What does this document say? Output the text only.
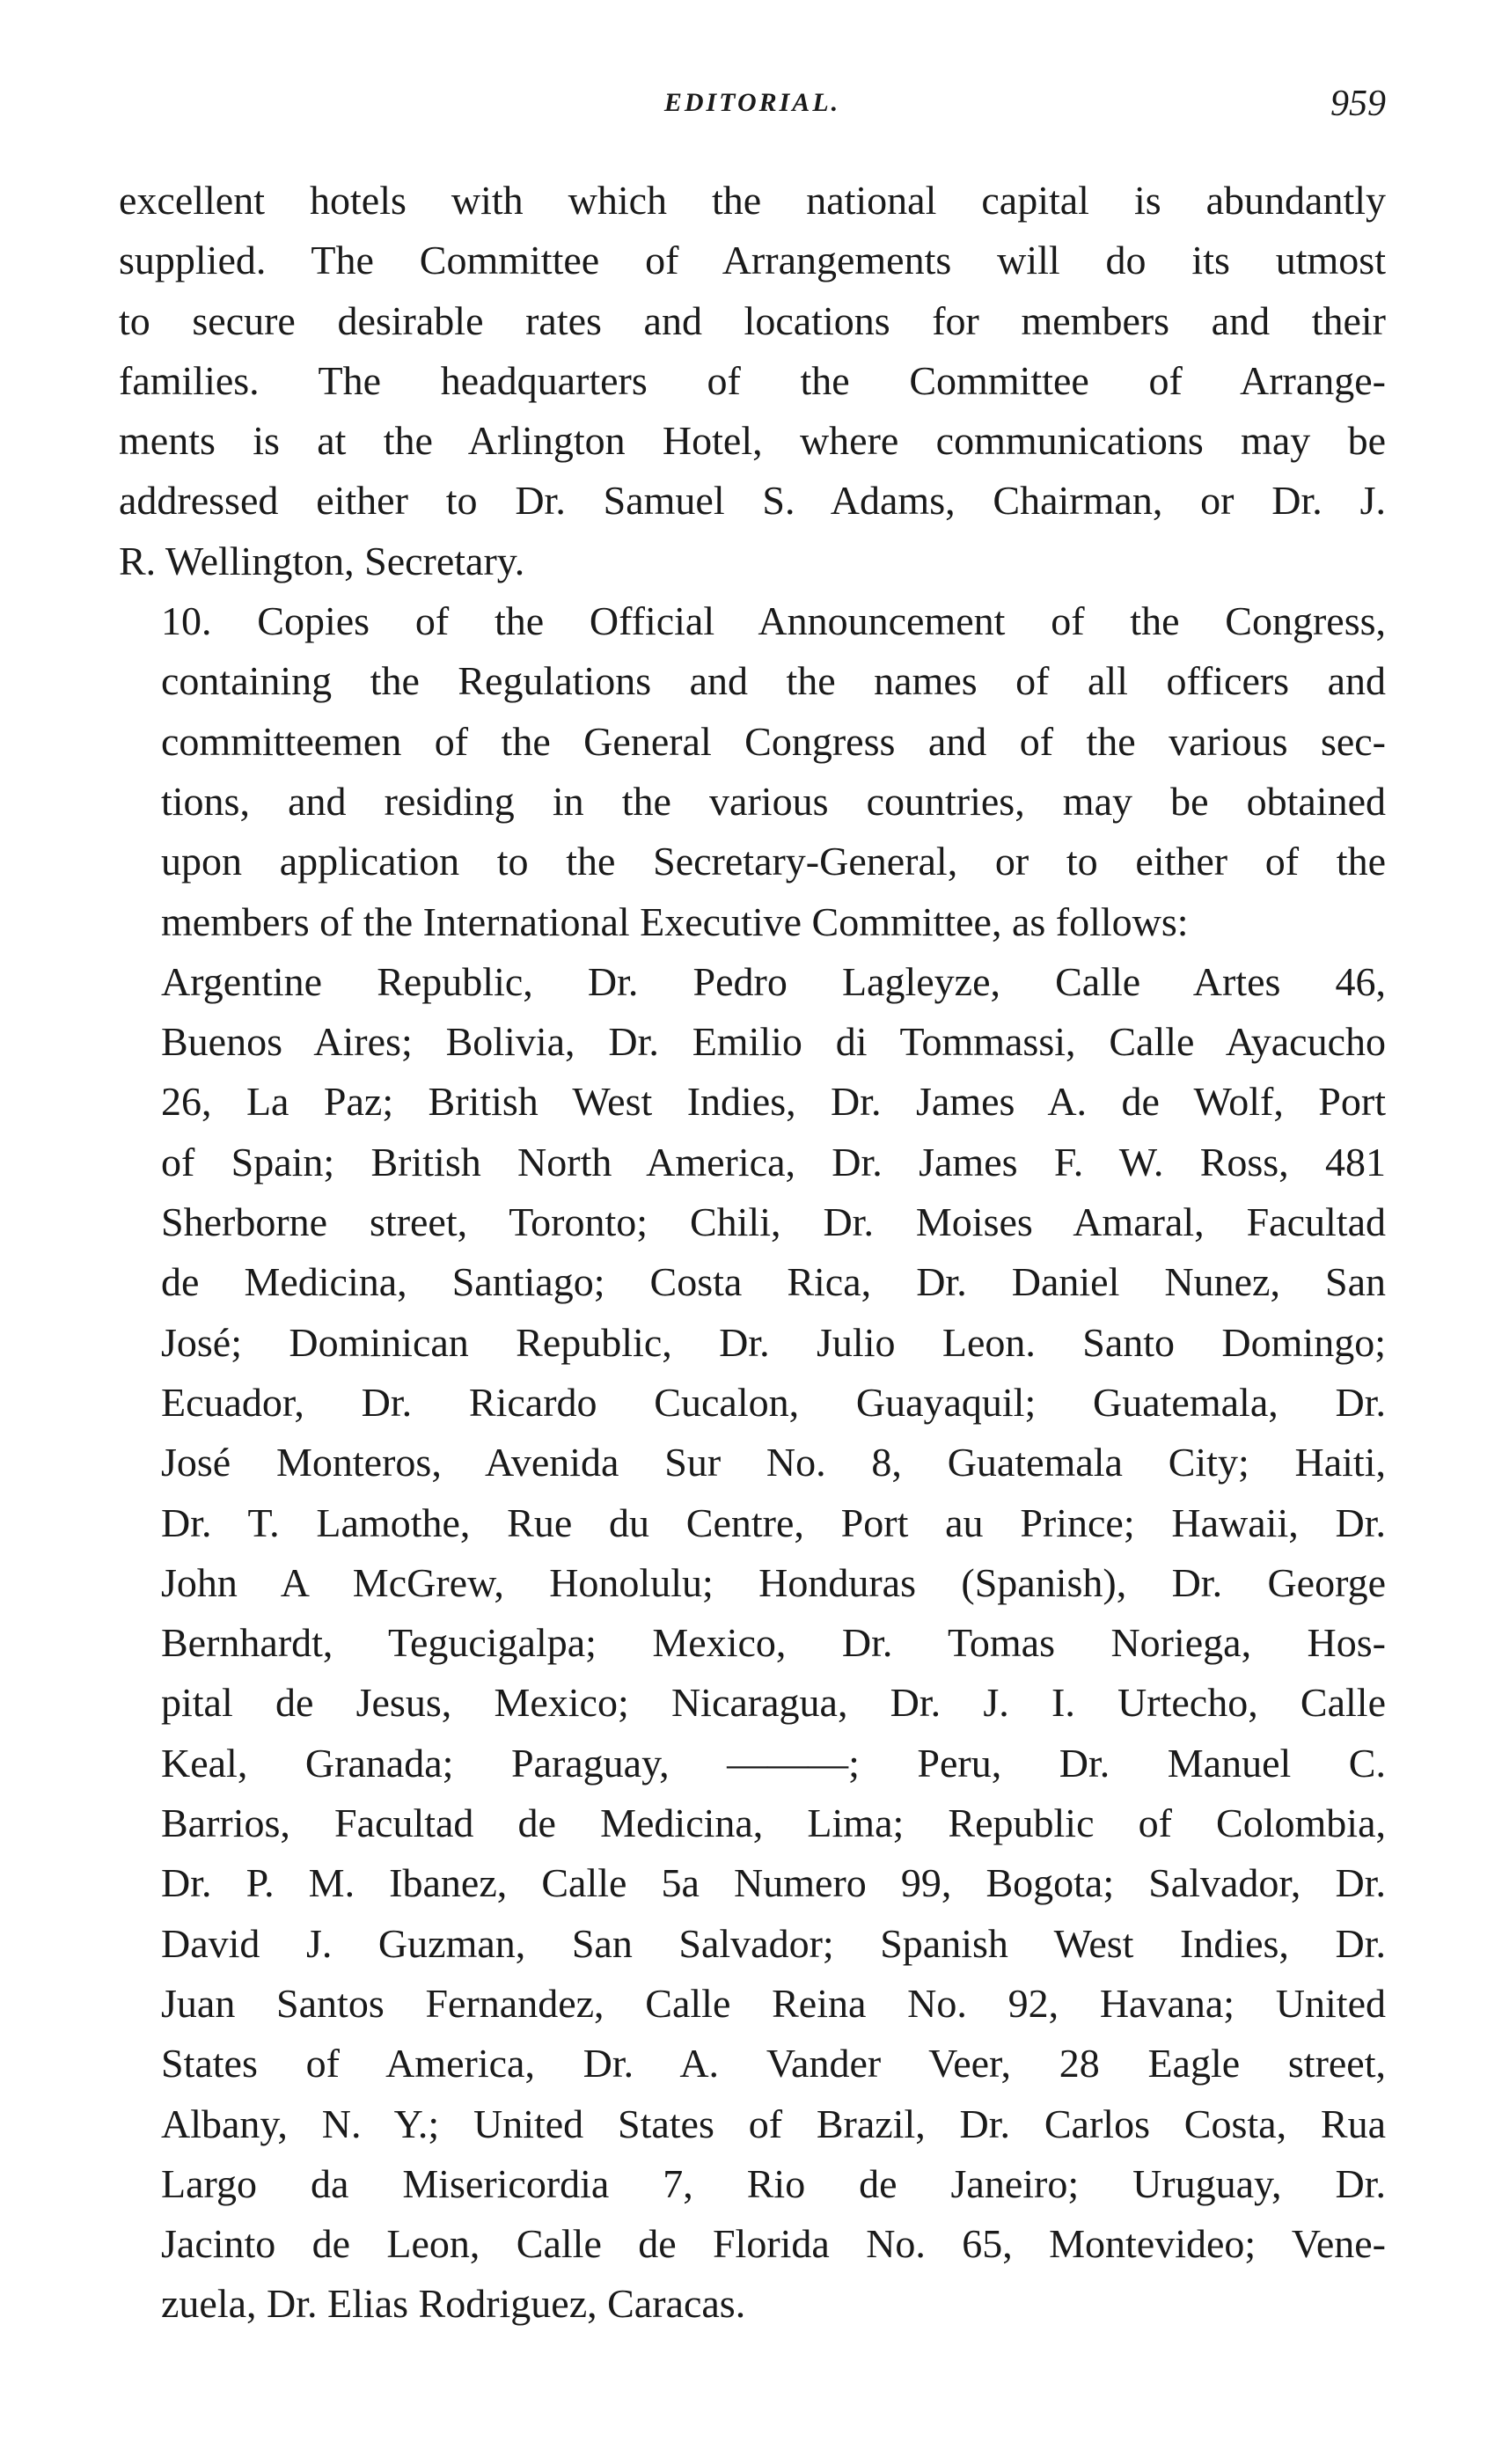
EDITORIAL.	959
excellent hotels with which the national capital is abundantly
supplied. The Committee of Arrangements will do its utmost
to secure desirable rates and locations for members and their
families. The headquarters of the Committee of Arrange-
ments is at the Arlington Hotel, where communications may be
addressed either to Dr. Samuel S. Adams, Chairman, or Dr. J.
R. Wellington, Secretary.
10. Copies of the Official Announcement of the Congress,
containing the Regulations and the names of all officers and
committeemen of the General Congress and of the various sec-
tions, and residing in the various countries, may be obtained
upon application to the Secretary-General, or to either of the
members of the International Executive Committee, as follows:
Argentine Republic, Dr. Pedro Lagleyze, Calle Artes 46,
Buenos Aires; Bolivia, Dr. Emilio di Tommassi, Calle Ayacucho
26, La Paz; British West Indies, Dr. James A. de Wolf, Port
of Spain; British North America, Dr. James F. W. Ross, 481
Sherborne street, Toronto; Chili, Dr. Moises Amaral, Facultad
de Medicina, Santiago; Costa Rica, Dr. Daniel Nunez, San
José; Dominican Republic, Dr. Julio Leon. Santo Domingo;
Ecuador, Dr. Ricardo Cucalon, Guayaquil; Guatemala, Dr.
José Monteros, Avenida Sur No. 8, Guatemala City; Haiti,
Dr. T. Lamothe, Rue du Centre, Port au Prince; Hawaii, Dr.
John A McGrew, Honolulu; Honduras (Spanish), Dr. George
Bernhardt, Tegucigalpa; Mexico, Dr. Tomas Noriega, Hos-
pital de Jesus, Mexico; Nicaragua, Dr. J. I. Urtecho, Calle
Keal, Granada; Paraguay, ———; Peru, Dr. Manuel C.
Barrios, Facultad de Medicina, Lima; Republic of Colombia,
Dr. P. M. Ibanez, Calle 5a Numero 99, Bogota; Salvador, Dr.
David J. Guzman, San Salvador; Spanish West Indies, Dr.
Juan Santos Fernandez, Calle Reina No. 92, Havana; United
States of America, Dr. A. Vander Veer, 28 Eagle street,
Albany, N. Y.; United States of Brazil, Dr. Carlos Costa, Rua
Largo da Misericordia 7, Rio de Janeiro; Uruguay, Dr.
Jacinto de Leon, Calle de Florida No. 65, Montevideo; Vene-
zuela, Dr. Elias Rodriguez, Caracas.
